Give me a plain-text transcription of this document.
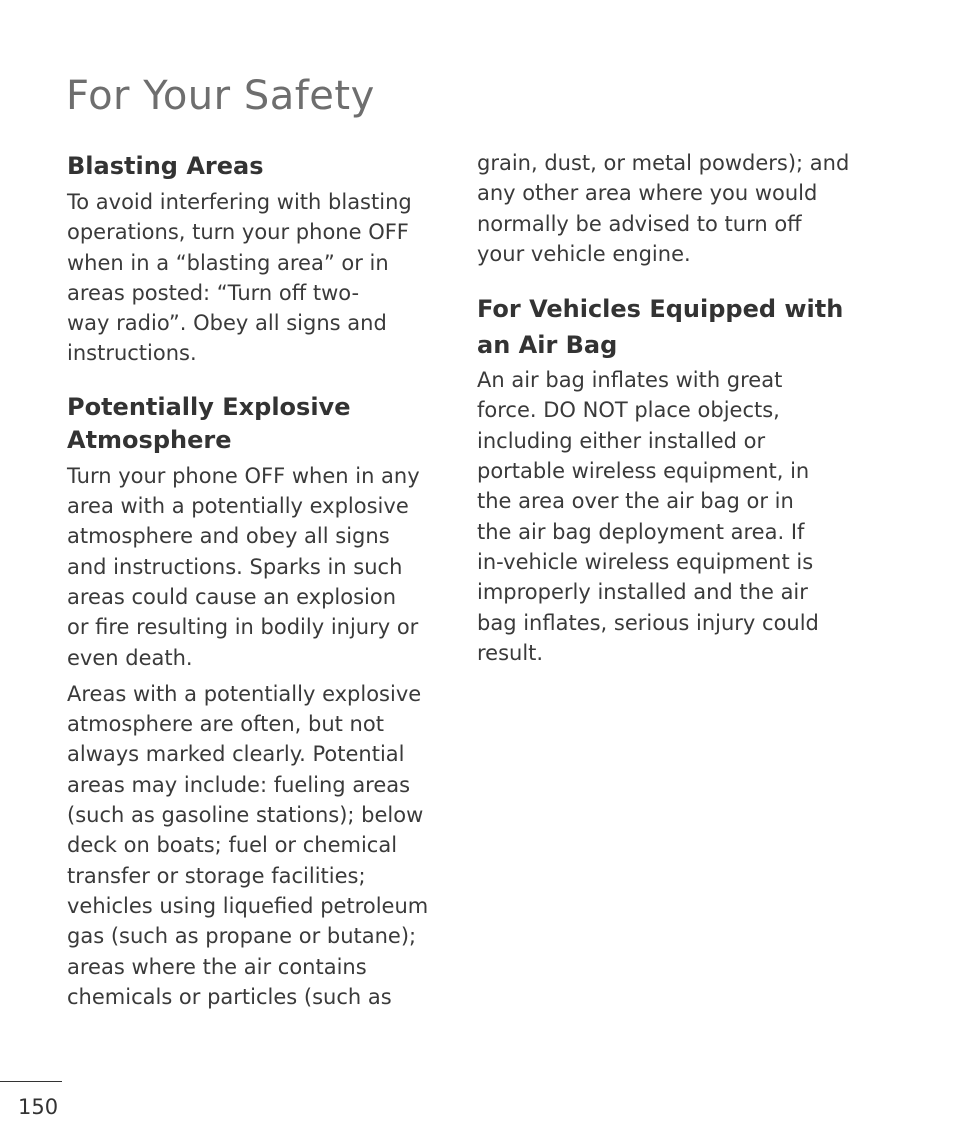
For Your Safety
Blasting Areas

To avoid interfering with blasting
operations, turn your phone OFF
when in a “blasting area” or in
areas posted: “Turn off two-
way radio”. Obey all signs and
instructions.

Potentially Explosive
Atmosphere

Turn your phone OFF when in any
area with a potentially explosive
atmosphere and obey all signs
and instructions. Sparks in such
areas could cause an explosion
or fire resulting in bodily injury or
even death.

Areas with a potentially explosive
atmosphere are often, but not
always marked clearly. Potential
areas may include: fueling areas
(such as gasoline stations); below
deck on boats; fuel or chemical
transfer or storage facilities;
vehicles using liquefied petroleum
gas (such as propane or butane);
areas where the air contains
chemicals or particles (such as

grain, dust, or metal powders); and
any other area where you would
normally be advised to turn off
your vehicle engine.

For Vehicles Equipped with
an Air Bag

An air bag inflates with great
force. DO NOT place objects,
including either installed or
portable wireless equipment, in
the area over the air bag or in
the air bag deployment area. If
in-vehicle wireless equipment is
improperly installed and the air
bag inflates, serious injury could
result.

150
